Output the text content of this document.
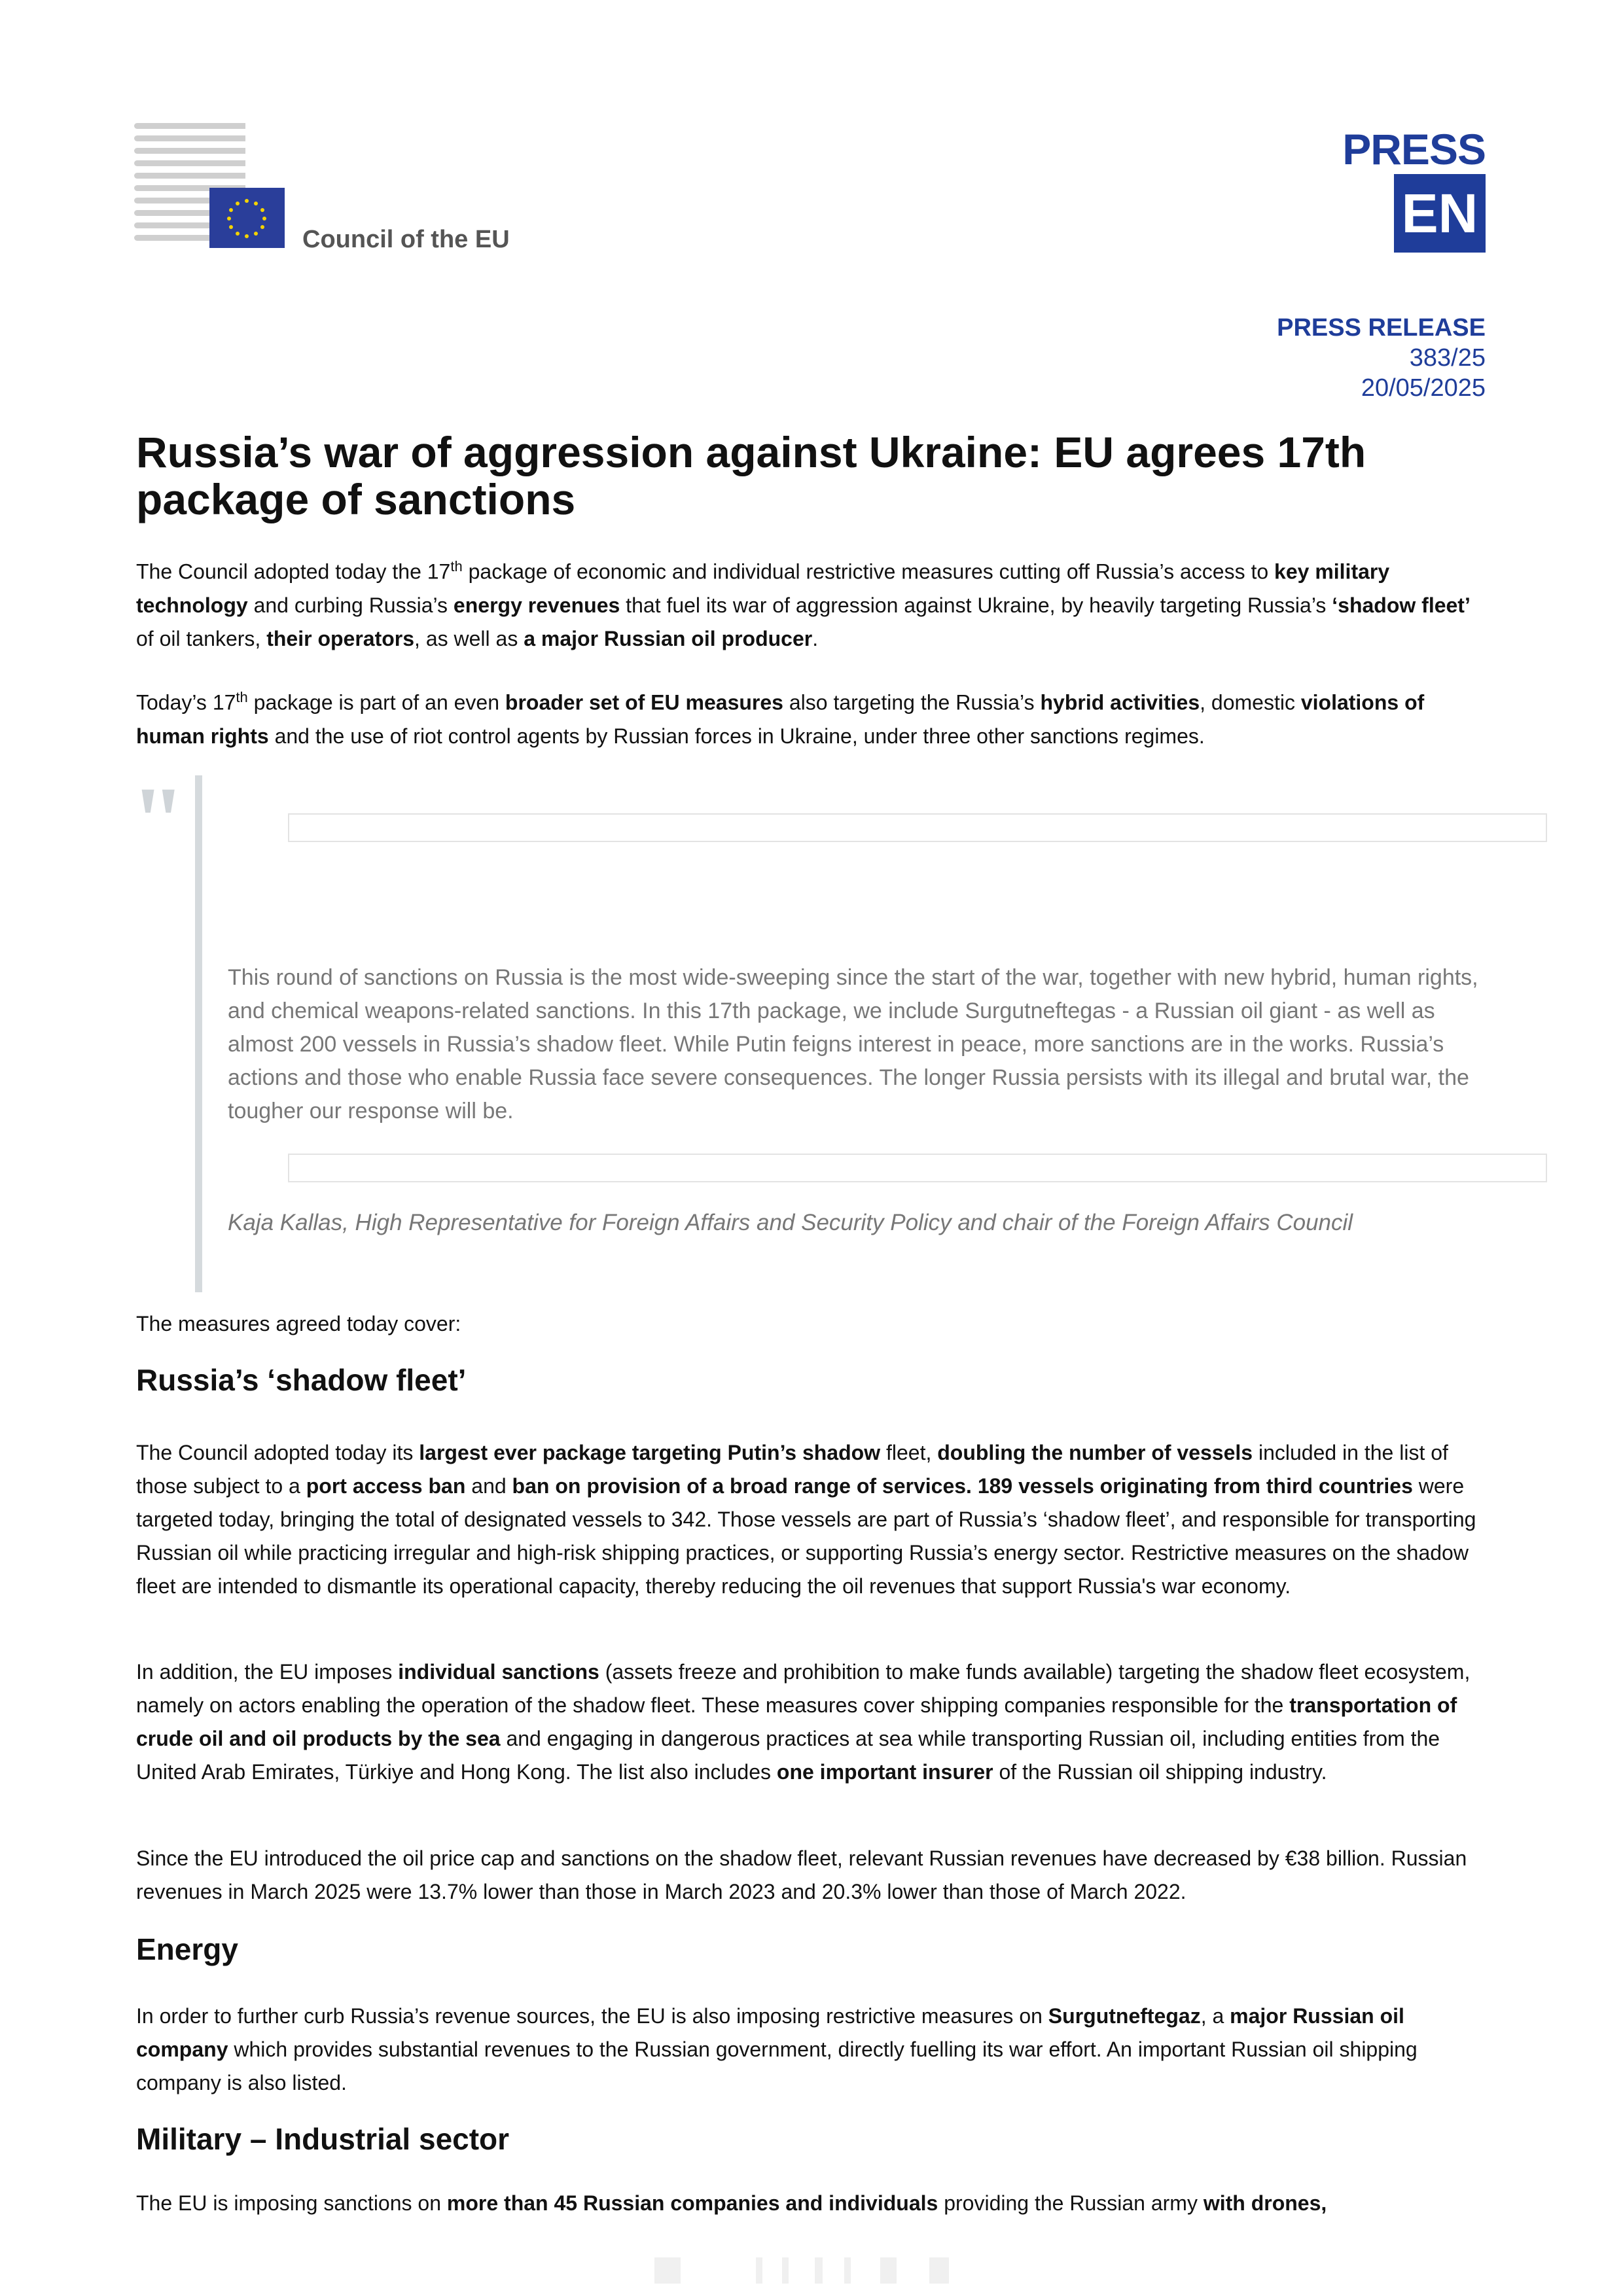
Council of the EU
PRESS
EN
PRESS RELEASE
383/25
20/05/2025
Russia’s war of aggression against Ukraine: EU agrees 17th package of sanctions

The Council adopted today the 17th package of economic and individual restrictive measures cutting off Russia’s access to key military technology and curbing Russia’s energy revenues that fuel its war of aggression against Ukraine, by heavily targeting Russia’s ‘shadow fleet’ of oil tankers, their operators, as well as a major Russian oil producer.

Today’s 17th package is part of an even broader set of EU measures also targeting the Russia’s hybrid activities, domestic violations of human rights and the use of riot control agents by Russian forces in Ukraine, under three other sanctions regimes.

"

This round of sanctions on Russia is the most wide-sweeping since the start of the war, together with new hybrid, human rights, and chemical weapons-related sanctions. In this 17th package, we include Surgutneftegas - a Russian oil giant - as well as almost 200 vessels in Russia’s shadow fleet. While Putin feigns interest in peace, more sanctions are in the works. Russia’s actions and those who enable Russia face severe consequences. The longer Russia persists with its illegal and brutal war, the tougher our response will be.

Kaja Kallas, High Representative for Foreign Affairs and Security Policy and chair of the Foreign Affairs Council

The measures agreed today cover:

Russia’s ‘shadow fleet’

The Council adopted today its largest ever package targeting Putin’s shadow fleet, doubling the number of vessels included in the list of those subject to a port access ban and ban on provision of a broad range of services. 189 vessels originating from third countries were targeted today, bringing the total of designated vessels to 342. Those vessels are part of Russia’s ‘shadow fleet’, and responsible for transporting Russian oil while practicing irregular and high-risk shipping practices, or supporting Russia’s energy sector. Restrictive measures on the shadow fleet are intended to dismantle its operational capacity, thereby reducing the oil revenues that support Russia's war economy.

In addition, the EU imposes individual sanctions (assets freeze and prohibition to make funds available) targeting the shadow fleet ecosystem, namely on actors enabling the operation of the shadow fleet. These measures cover shipping companies responsible for the transportation of crude oil and oil products by the sea and engaging in dangerous practices at sea while transporting Russian oil, including entities from the United Arab Emirates, Türkiye and Hong Kong. The list also includes one important insurer of the Russian oil shipping industry.

Since the EU introduced the oil price cap and sanctions on the shadow fleet, relevant Russian revenues have decreased by €38 billion. Russian revenues in March 2025 were 13.7% lower than those in March 2023 and 20.3% lower than those of March 2022.

Energy

In order to further curb Russia’s revenue sources, the EU is also imposing restrictive measures on Surgutneftegaz, a major Russian oil company which provides substantial revenues to the Russian government, directly fuelling its war effort. An important Russian oil shipping company is also listed.

Military – Industrial sector

The EU is imposing sanctions on more than 45 Russian companies and individuals providing the Russian army with drones,
